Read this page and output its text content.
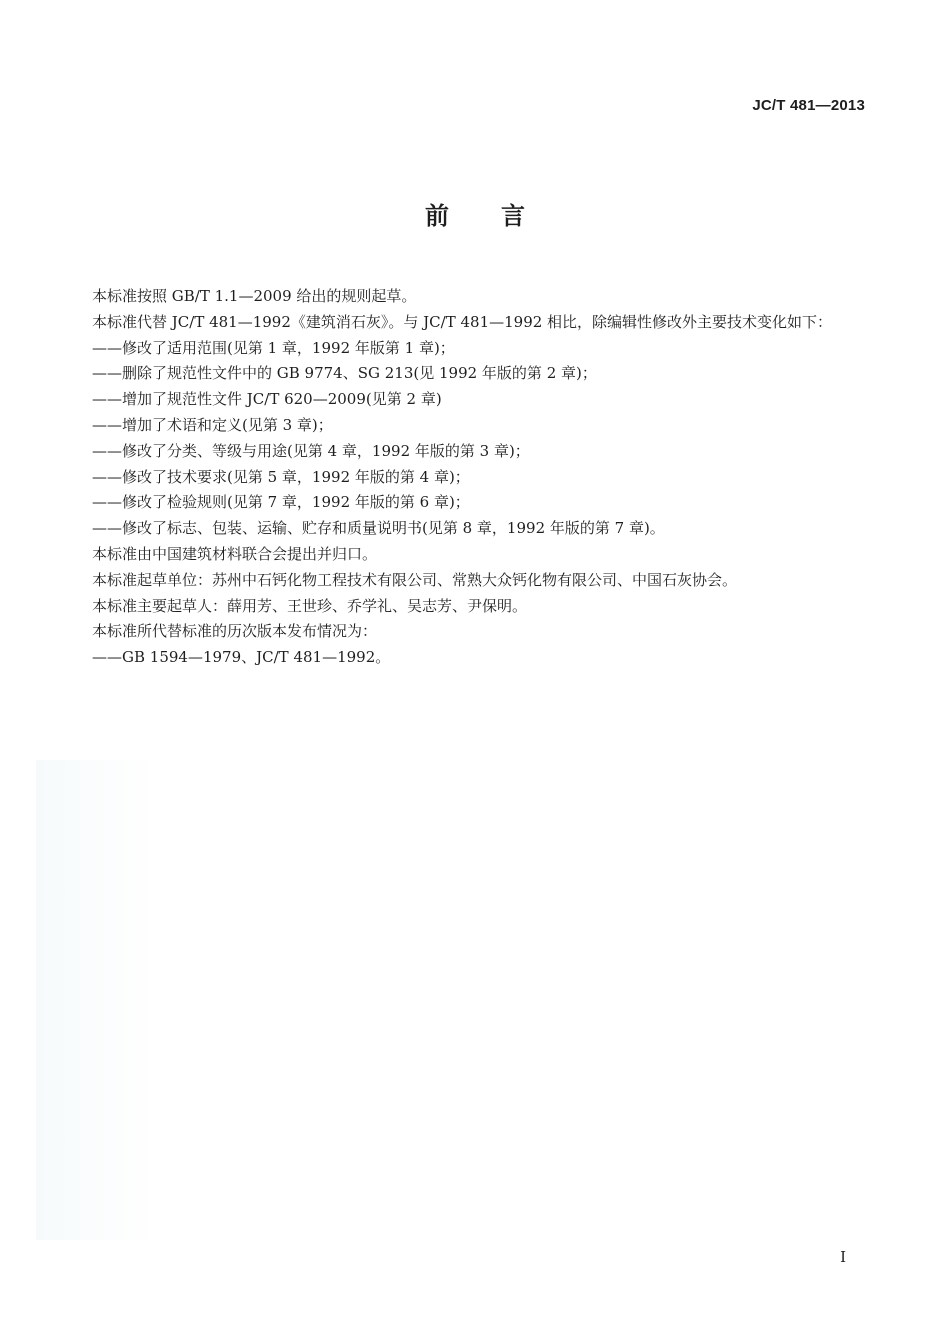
JC/T 481—2013
前言

本标准按照 GB/T 1.1—2009 给出的规则起草。

本标准代替 JC/T 481—1992《建筑消石灰》。与 JC/T 481—1992 相比，除编辑性修改外主要技术变化如下：

——修改了适用范围(见第 1 章，1992 年版第 1 章)；

——删除了规范性文件中的 GB 9774、SG 213(见 1992 年版的第 2 章)；

——增加了规范性文件 JC/T 620—2009(见第 2 章)

——增加了术语和定义(见第 3 章)；

——修改了分类、等级与用途(见第 4 章，1992 年版的第 3 章)；

——修改了技术要求(见第 5 章，1992 年版的第 4 章)；

——修改了检验规则(见第 7 章，1992 年版的第 6 章)；

——修改了标志、包装、运输、贮存和质量说明书(见第 8 章，1992 年版的第 7 章)。

本标准由中国建筑材料联合会提出并归口。

本标准起草单位：苏州中石钙化物工程技术有限公司、常熟大众钙化物有限公司、中国石灰协会。

本标准主要起草人：薛用芳、王世珍、乔学礼、吴志芳、尹保明。

本标准所代替标准的历次版本发布情况为：

——GB 1594—1979、JC/T 481—1992。

I
